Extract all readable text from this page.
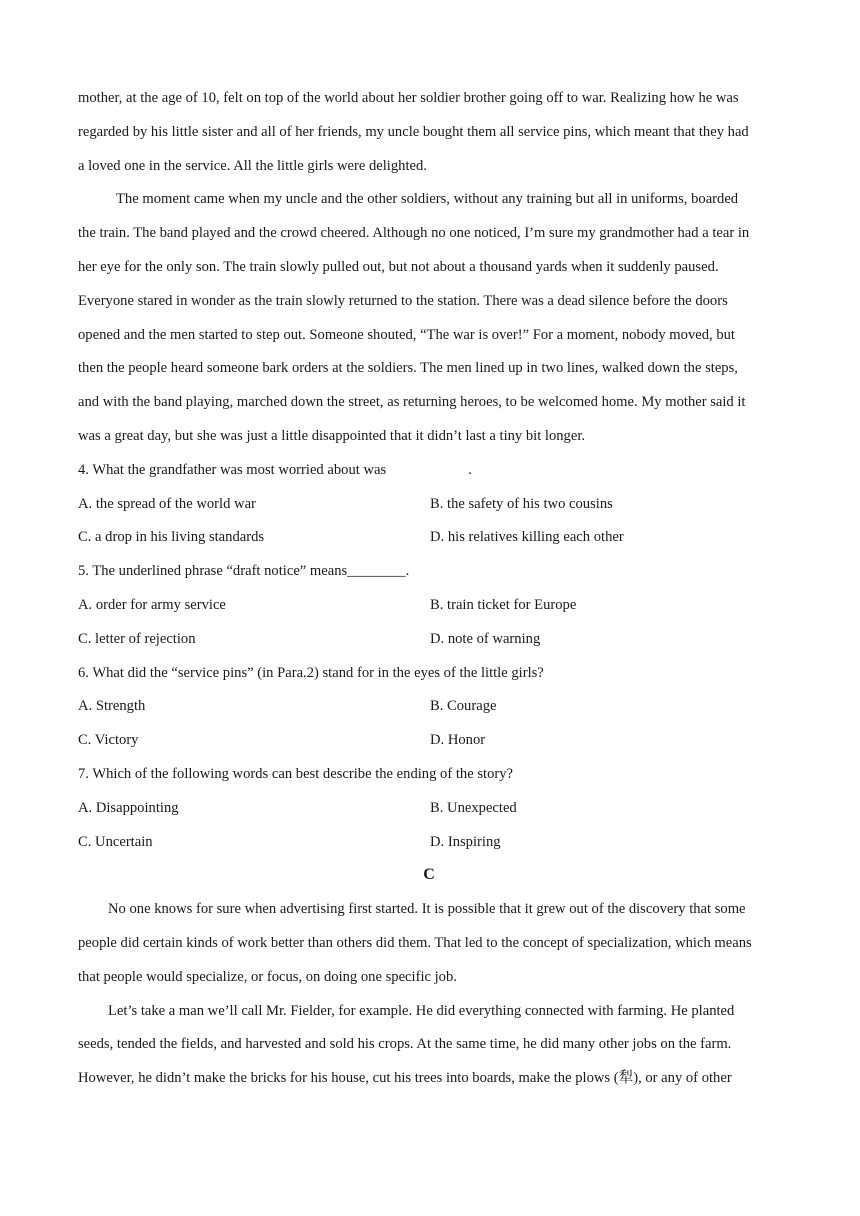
mother, at the age of 10, felt on top of the world about her soldier brother going off to war. Realizing how he was
regarded by his little sister and all of her friends, my uncle bought them all service pins, which meant that they had
a loved one in the service. All the little girls were delighted.
The moment came when my uncle and the other soldiers, without any training but all in uniforms, boarded
the train. The band played and the crowd cheered. Although no one noticed, I’m sure my grandmother had a tear in
her eye for the only son. The train slowly pulled out, but not about a thousand yards when it suddenly paused.
Everyone stared in wonder as the train slowly returned to the station. There was a dead silence before the doors
opened and the men started to step out. Someone shouted, “The war is over!” For a moment, nobody moved, but
then the people heard someone bark orders at the soldiers. The men lined up in two lines, walked down the steps,
and with the band playing, marched down the street, as returning heroes, to be welcomed home. My mother said it
was a great day, but she was just a little disappointed that it didn’t last a tiny bit longer.
4. What the grandfather was most worried about was	.
A. the spread of the world war	B. the safety of his two cousins
C. a drop in his living standards	D. his relatives killing each other
5. The underlined phrase “draft notice” means________.
A. order for army service	B. train ticket for Europe
C. letter of rejection	D. note of warning
6. What did the “service pins” (in Para.2) stand for in the eyes of the little girls?
A. Strength	B. Courage
C. Victory	D. Honor
7. Which of the following words can best describe the ending of the story?
A. Disappointing	B. Unexpected
C. Uncertain	D. Inspiring
C
No one knows for sure when advertising first started. It is possible that it grew out of the discovery that some
people did certain kinds of work better than others did them. That led to the concept of specialization, which means
that people would specialize, or focus, on doing one specific job.
Let’s take a man we’ll call Mr. Fielder, for example. He did everything connected with farming. He planted
seeds, tended the fields, and harvested and sold his crops. At the same time, he did many other jobs on the farm.
However, he didn’t make the bricks for his house, cut his trees into boards, make the plows (犁), or any of other
